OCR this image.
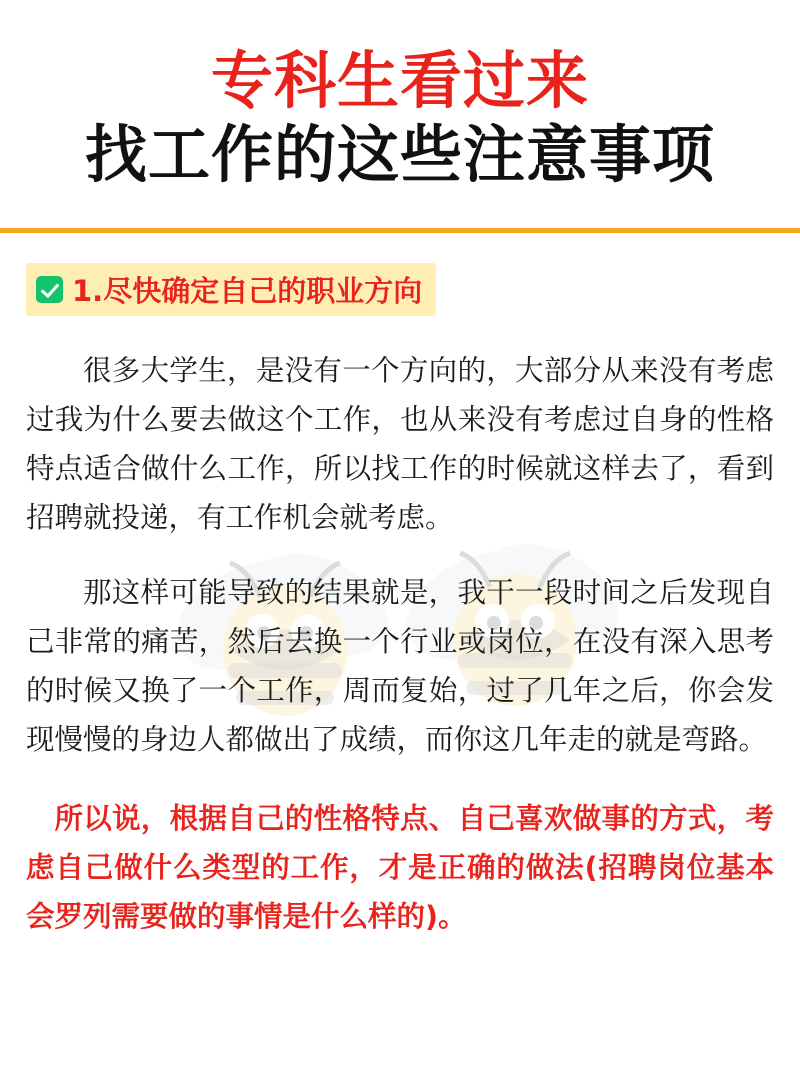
专科生看过来
找工作的这些注意事项
1.尽快确定自己的职业方向

很多大学生，是没有一个方向的，大部分从来没有考虑过我为什么要去做这个工作，也从来没有考虑过自身的性格特点适合做什么工作，所以找工作的时候就这样去了，看到招聘就投递，有工作机会就考虑。

那这样可能导致的结果就是，我干一段时间之后发现自己非常的痛苦，然后去换一个行业或岗位，在没有深入思考的时候又换了一个工作，周而复始，过了几年之后，你会发现慢慢的身边人都做出了成绩，而你这几年走的就是弯路。

所以说，根据自己的性格特点、自己喜欢做事的方式，考虑自己做什么类型的工作，才是正确的做法(招聘岗位基本会罗列需要做的事情是什么样的)。
